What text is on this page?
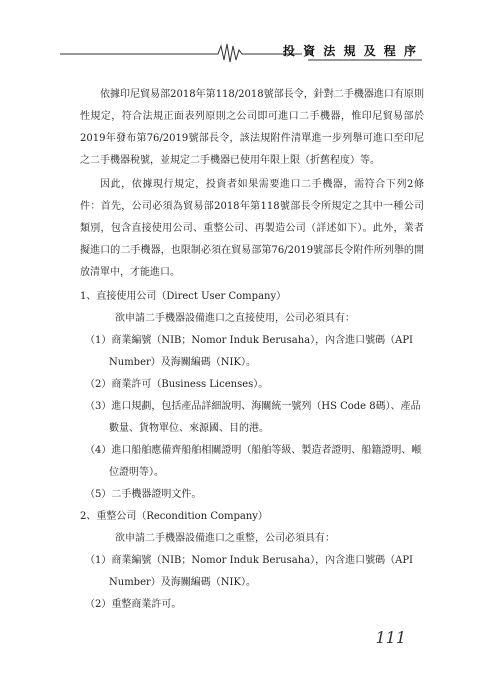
投 資 法 規 及 程 序

依據印尼貿易部2018年第118/2018號部長令，針對二手機器進口有原則性規定，符合法規正面表列原則之公司即可進口二手機器，惟印尼貿易部於2019年發布第76/2019號部長令，該法規附件清單進一步列舉可進口至印尼之二手機器稅號，並規定二手機器已使用年限上限（折舊程度）等。

因此，依據現行規定，投資者如果需要進口二手機器，需符合下列2條件：首先，公司必須為貿易部2018年第118號部長令所規定之其中一種公司類別，包含直接使用公司、重整公司、再製造公司（詳述如下）。此外，業者擬進口的二手機器，也限制必須在貿易部第76/2019號部長令附件所列舉的開放清單中，才能進口。

1、直接使用公司（Direct User Company）

欲申請二手機器設備進口之直接使用，公司必須具有：

（1）商業編號（NIB；Nomor Induk Berusaha），內含進口號碼（API Number）及海關編碼（NIK）。

（2）商業許可（Business Licenses）。

（3）進口規劃，包括產品詳細說明、海關統一號列（HS Code 8碼）、產品數量、貨物單位、來源國、目的港。

（4）進口船舶應備齊船舶相關證明（船舶等級、製造者證明、船籍證明、噸位證明等）。

（5）二手機器證明文件。

2、重整公司（Recondition Company）

欲申請二手機器設備進口之重整，公司必須具有：

（1）商業編號（NIB；Nomor Induk Berusaha），內含進口號碼（API Number）及海關編碼（NIK）。

（2）重整商業許可。

111
